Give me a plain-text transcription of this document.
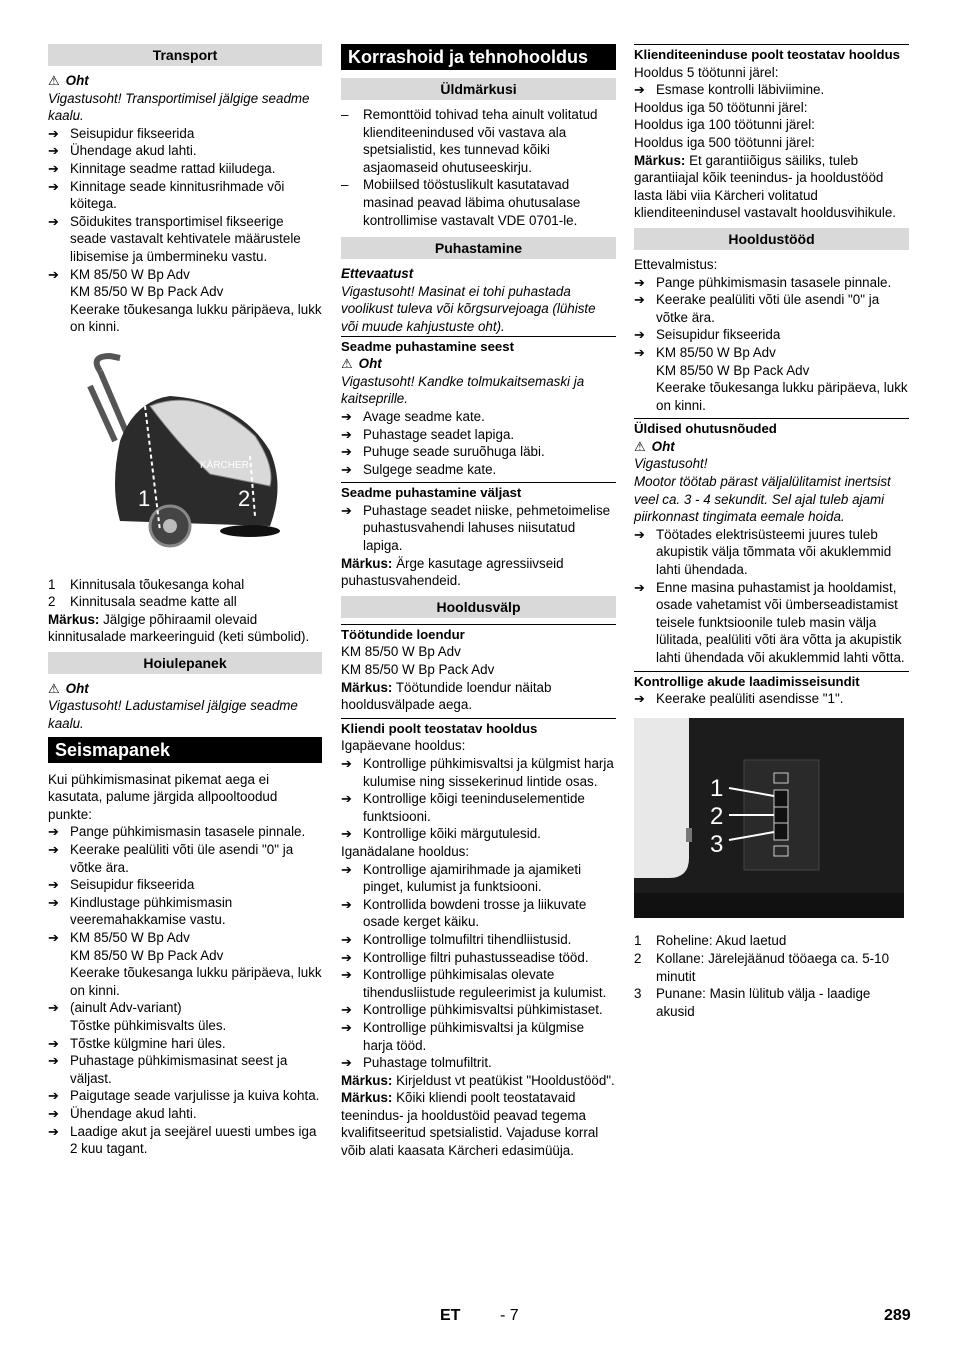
Transport

⚠ Oht

Vigastusoht! Transportimisel jälgige seadme kaalu.

➔ Seisupidur fikseerida

➔ Ühendage akud lahti.

➔ Kinnitage seadme rattad kiiludega.

➔ Kinnitage seade kinnitusrihmade või köitega.

➔ Sõidukites transportimisel fikseerige seade vastavalt kehtivatele määrustele libisemise ja ümbermineku vastu.

➔ KM 85/50 W Bp Adv

KM 85/50 W Bp Pack Adv

Keerake tõukesanga lukku päripäeva, lukk on kinni.

KÄRCHER
1	2

1 Kinnitusala tõukesanga kohal

2 Kinnitusala seadme katte all

Märkus: Jälgige põhiraamil olevaid kinnitusalade markeeringuid (keti sümbolid).

Hoiulepanek

⚠ Oht

Vigastusoht! Ladustamisel jälgige seadme kaalu.

Seismapanek

Kui pühkimismasinat pikemat aega ei kasutata, palume järgida allpooltoodud punkte:

➔ Pange pühkimismasin tasasele pinnale.

➔ Keerake pealüliti võti üle asendi "0" ja võtke ära.

➔ Seisupidur fikseerida

➔ Kindlustage pühkimismasin veeremahakkamise vastu.

➔ KM 85/50 W Bp Adv

KM 85/50 W Bp Pack Adv

Keerake tõukesanga lukku päripäeva, lukk on kinni.

➔ (ainult Adv-variant)

Tõstke pühkimisvalts üles.

➔ Tõstke külgmine hari üles.

➔ Puhastage pühkimismasinat seest ja väljast.

➔ Paigutage seade varjulisse ja kuiva kohta.

➔ Ühendage akud lahti.

➔ Laadige akut ja seejärel uuesti umbes iga 2 kuu tagant.

Korrashoid ja tehnohooldus
Üldmärkusi

– Remonttöid tohivad teha ainult volitatud klienditeenindused või vastava ala spetsialistid, kes tunnevad kõiki asjaomaseid ohutuseeskirju.

– Mobiilsed tööstuslikult kasutatavad masinad peavad läbima ohutusalase kontrollimise vastavalt VDE 0701-le.

Puhastamine

Ettevaatust

Vigastusoht! Masinat ei tohi puhastada voolikust tuleva või kõrgsurvejoaga (lühiste või muude kahjustuste oht).

Seadme puhastamine seest

⚠ Oht

Vigastusoht! Kandke tolmukaitsemaski ja kaitseprille.

➔ Avage seadme kate.

➔ Puhastage seadet lapiga.

➔ Puhuge seade suruõhuga läbi.

➔ Sulgege seadme kate.

Seadme puhastamine väljast

➔ Puhastage seadet niiske, pehmetoimelise puhastusvahendi lahuses niisutatud lapiga.

Märkus: Ärge kasutage agressiivseid puhastusvahendeid.

Hooldusvälp

Töötundide loendur

KM 85/50 W Bp Adv

KM 85/50 W Bp Pack Adv

Märkus: Töötundide loendur näitab hooldusvälpade aega.

Kliendi poolt teostatav hooldus

Igapäevane hooldus:

➔ Kontrollige pühkimisvaltsi ja külgmist harja kulumise ning sissekerinud lintide osas.

➔ Kontrollige kõigi teeninduselementide funktsiooni.

➔ Kontrollige kõiki märgutulesid.

Iganädalane hooldus:

➔ Kontrollige ajamirihmade ja ajamiketi pinget, kulumist ja funktsiooni.

➔ Kontrollida bowdeni trosse ja liikuvate osade kerget käiku.

➔ Kontrollige tolmufiltri tihendliistusid.

➔ Kontrollige filtri puhastusseadise tööd.

➔ Kontrollige pühkimisalas olevate tihendusliistude reguleerimist ja kulumist.

➔ Kontrollige pühkimisvaltsi pühkimistaset.

➔ Kontrollige pühkimisvaltsi ja külgmise harja tööd.

➔ Puhastage tolmufiltrit.

Märkus: Kirjeldust vt peatükist "Hooldustööd".

Märkus: Kõiki kliendi poolt teostatavaid teenindus- ja hooldustöid peavad tegema kvalifitseeritud spetsialistid. Vajaduse korral võib alati kaasata Kärcheri edasimüüja.

Klienditeeninduse poolt teostatav hooldus

Hooldus 5 töötunni järel:

➔ Esmase kontrolli läbiviimine.

Hooldus iga 50 töötunni järel:

Hooldus iga 100 töötunni järel:

Hooldus iga 500 töötunni järel:

Märkus: Et garantiiõigus säiliks, tuleb garantiiajal kõik teenindus- ja hooldustööd lasta läbi viia Kärcheri volitatud klienditeenindusel vastavalt hooldusvihikule.

Hooldustööd

Ettevalmistus:

➔ Pange pühkimismasin tasasele pinnale.

➔ Keerake pealüliti võti üle asendi "0" ja võtke ära.

➔ Seisupidur fikseerida

➔ KM 85/50 W Bp Adv

KM 85/50 W Bp Pack Adv

Keerake tõukesanga lukku päripäeva, lukk on kinni.

Üldised ohutusnõuded

⚠ Oht

Vigastusoht!

Mootor töötab pärast väljalülitamist inertsist veel ca. 3 - 4 sekundit. Sel ajal tuleb ajami piirkonnast tingimata eemale hoida.

➔ Töötades elektrisüsteemi juures tuleb akupistik välja tõmmata või akuklemmid lahti ühendada.

➔ Enne masina puhastamist ja hooldamist, osade vahetamist või ümberseadistamist teisele funktsioonile tuleb masin välja lülitada, pealüliti võti ära võtta ja akupistik lahti ühendada või akuklemmid lahti võtta.

Kontrollige akude laadimisseisundit

➔ Keerake pealüliti asendisse "1".

1
2
3

1 Roheline: Akud laetud

2 Kollane: Järelejäänud tööaega ca. 5-10 minutit

3 Punane: Masin lülitub välja - laadige akusid

ET - 7	289
